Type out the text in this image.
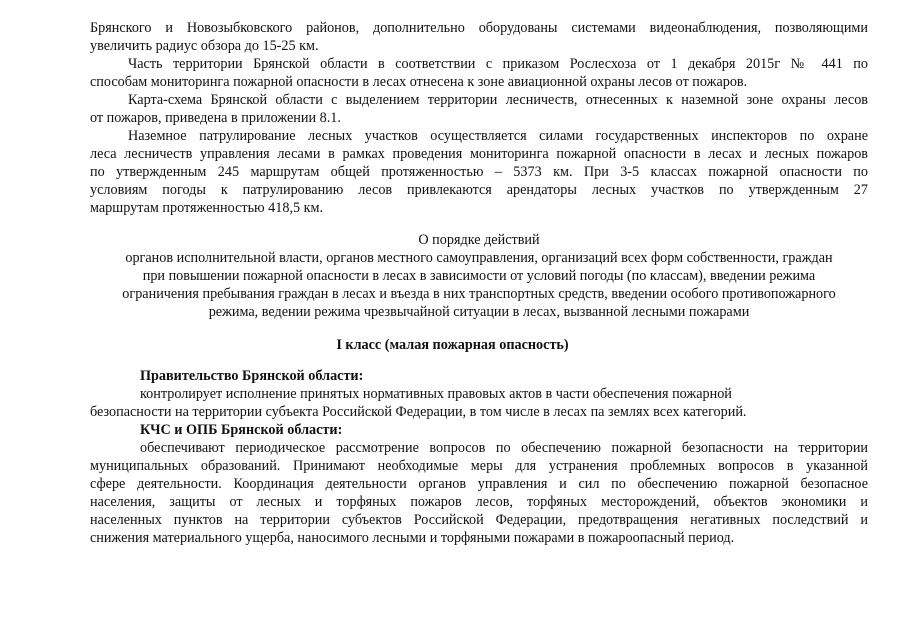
Брянского и Новозыбковского районов, дополнительно оборудованы системами видеонаблюдения, позволяющими
увеличить радиус обзора до 15-25 км.
Часть территории Брянской области в соответствии с приказом Рослесхоза от 1 декабря 2015г № 441 по
способам мониторинга пожарной опасности в лесах отнесена к зоне авиационной охраны лесов от пожаров.
Карта-схема Брянской области с выделением территории лесничеств, отнесенных к наземной зоне охраны лесов
от пожаров, приведена в приложении 8.1.
Наземное патрулирование лесных участков осуществляется силами государственных инспекторов по охране
леса лесничеств управления лесами в рамках проведения мониторинга пожарной опасности в лесах и лесных пожаров
по утвержденным 245 маршрутам общей протяженностью – 5373 км. При 3-5 классах пожарной опасности по
условиям погоды к патрулированию лесов привлекаются арендаторы лесных участков по утвержденным 27
маршрутам протяженностью 418,5 км.
О порядке действий
органов исполнительной власти, органов местного самоуправления, организаций всех форм собственности, граждан
при повышении пожарной опасности в лесах в зависимости от условий погоды (по классам), введении режима
ограничения пребывания граждан в лесах и въезда в них транспортных средств, введении особого противопожарного
режима, ведении режима чрезвычайной ситуации в лесах, вызванной лесными пожарами
I класс (малая пожарная опасность)
Правительство Брянской области:
контролирует исполнение принятых нормативных правовых актов в части обеспечения пожарной
безопасности на территории субъекта Российской Федерации, в том числе в лесах па землях всех категорий.
КЧС и ОПБ Брянской области:
обеспечивают периодическое рассмотрение вопросов по обеспечению пожарной безопасности на территории
муниципальных образований. Принимают необходимые меры для устранения проблемных вопросов в указанной
сфере деятельности. Координация деятельности органов управления и сил по обеспечению пожарной безопасное
населения, защиты от лесных и торфяных пожаров лесов, торфяных месторождений, объектов экономики и
населенных пунктов на территории субъектов Российской Федерации, предотвращения негативных последствий и
снижения материального ущерба, наносимого лесными и торфяными пожарами в пожароопасный период.
